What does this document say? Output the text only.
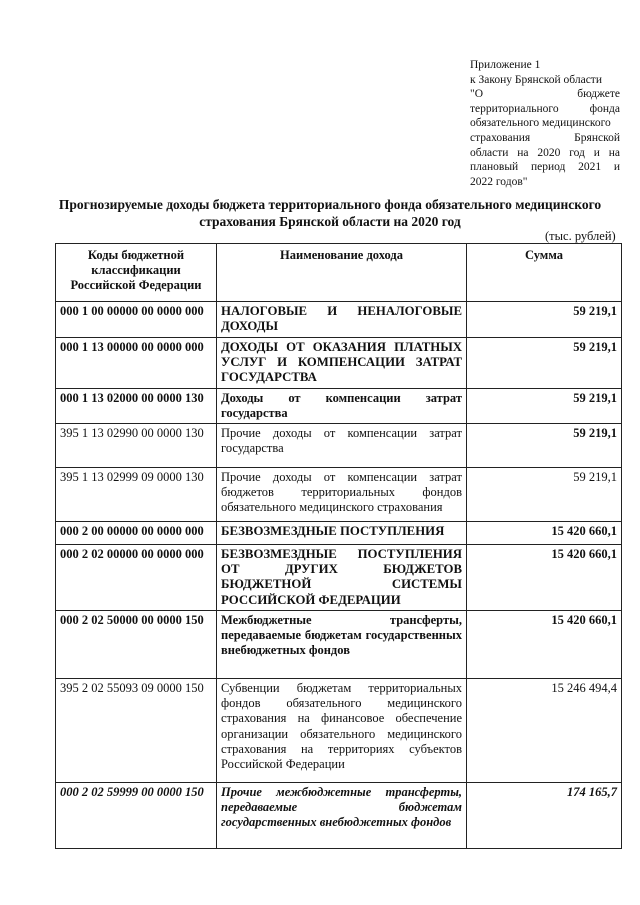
Приложение 1
к Закону Брянской области
"О бюджете
территориального фонда
обязательного медицинского
страхования Брянской
области на 2020 год и на
плановый период 2021 и
2022 годов"
Прогнозируемые доходы бюджета территориального фонда обязательного медицинского страхования Брянской области на 2020 год
(тыс. рублей)
Коды бюджетной классификации Российской Федерации	Наименование дохода	Сумма
000 1 00 00000 00 0000 000	НАЛОГОВЫЕ И НЕНАЛОГОВЫЕ ДОХОДЫ	59 219,1
000 1 13 00000 00 0000 000	ДОХОДЫ ОТ ОКАЗАНИЯ ПЛАТНЫХ УСЛУГ И КОМПЕНСАЦИИ ЗАТРАТ ГОСУДАРСТВА	59 219,1
000 1 13 02000 00 0000 130	Доходы от компенсации затрат государства	59 219,1
395 1 13 02990 00 0000 130	Прочие доходы от компенсации затрат государства	59 219,1
395 1 13 02999 09 0000 130	Прочие доходы от компенсации затрат бюджетов территориальных фондов обязательного медицинского страхования	59 219,1
000 2 00 00000 00 0000 000	БЕЗВОЗМЕЗДНЫЕ ПОСТУПЛЕНИЯ	15 420 660,1
000 2 02 00000 00 0000 000	БЕЗВОЗМЕЗДНЫЕ ПОСТУПЛЕНИЯ ОТ ДРУГИХ БЮДЖЕТОВ БЮДЖЕТНОЙ СИСТЕМЫ РОССИЙСКОЙ ФЕДЕРАЦИИ	15 420 660,1
000 2 02 50000 00 0000 150	Межбюджетные трансферты, передаваемые бюджетам государственных внебюджетных фондов	15 420 660,1
395 2 02 55093 09 0000 150	Субвенции бюджетам территориальных фондов обязательного медицинского страхования на финансовое обеспечение организации обязательного медицинского страхования на территориях субъектов Российской Федерации	15 246 494,4
000 2 02 59999 00 0000 150	Прочие межбюджетные трансферты, передаваемые бюджетам государственных внебюджетных фондов	174 165,7
